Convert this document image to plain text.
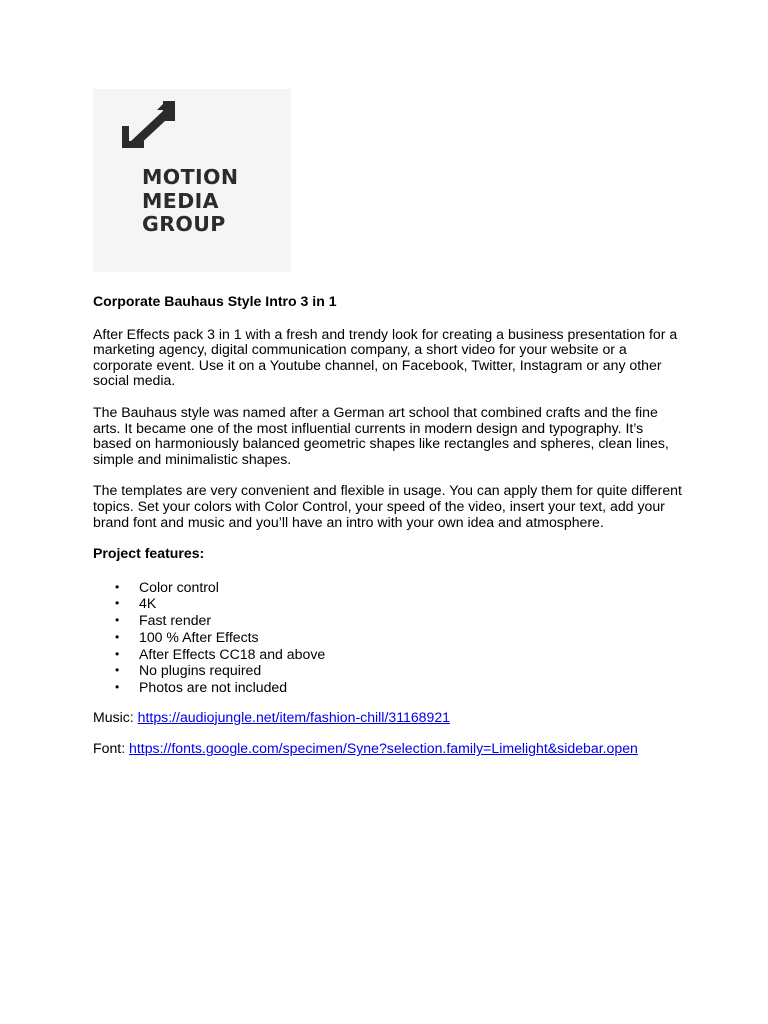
MOTION
MEDIA
GROUP

Corporate Bauhaus Style Intro 3 in 1

After Effects pack 3 in 1 with a fresh and trendy look for creating a business presentation for a marketing agency, digital communication company, a short video for your website or a corporate event. Use it on a Youtube channel, on Facebook, Twitter, Instagram or any other social media.

The Bauhaus style was named after a German art school that combined crafts and the fine arts. It became one of the most influential currents in modern design and typography. It’s based on harmoniously balanced geometric shapes like rectangles and spheres, clean lines, simple and minimalistic shapes.

The templates are very convenient and flexible in usage. You can apply them for quite different topics. Set your colors with Color Control, your speed of the video, insert your text, add your brand font and music and you’ll have an intro with your own idea and atmosphere.

Project features:

• Color control
• 4K
• Fast render
• 100 % After Effects
• After Effects CC18 and above
• No plugins required
• Photos are not included

Music: https://audiojungle.net/item/fashion-chill/31168921

Font: https://fonts.google.com/specimen/Syne?selection.family=Limelight&sidebar.open
